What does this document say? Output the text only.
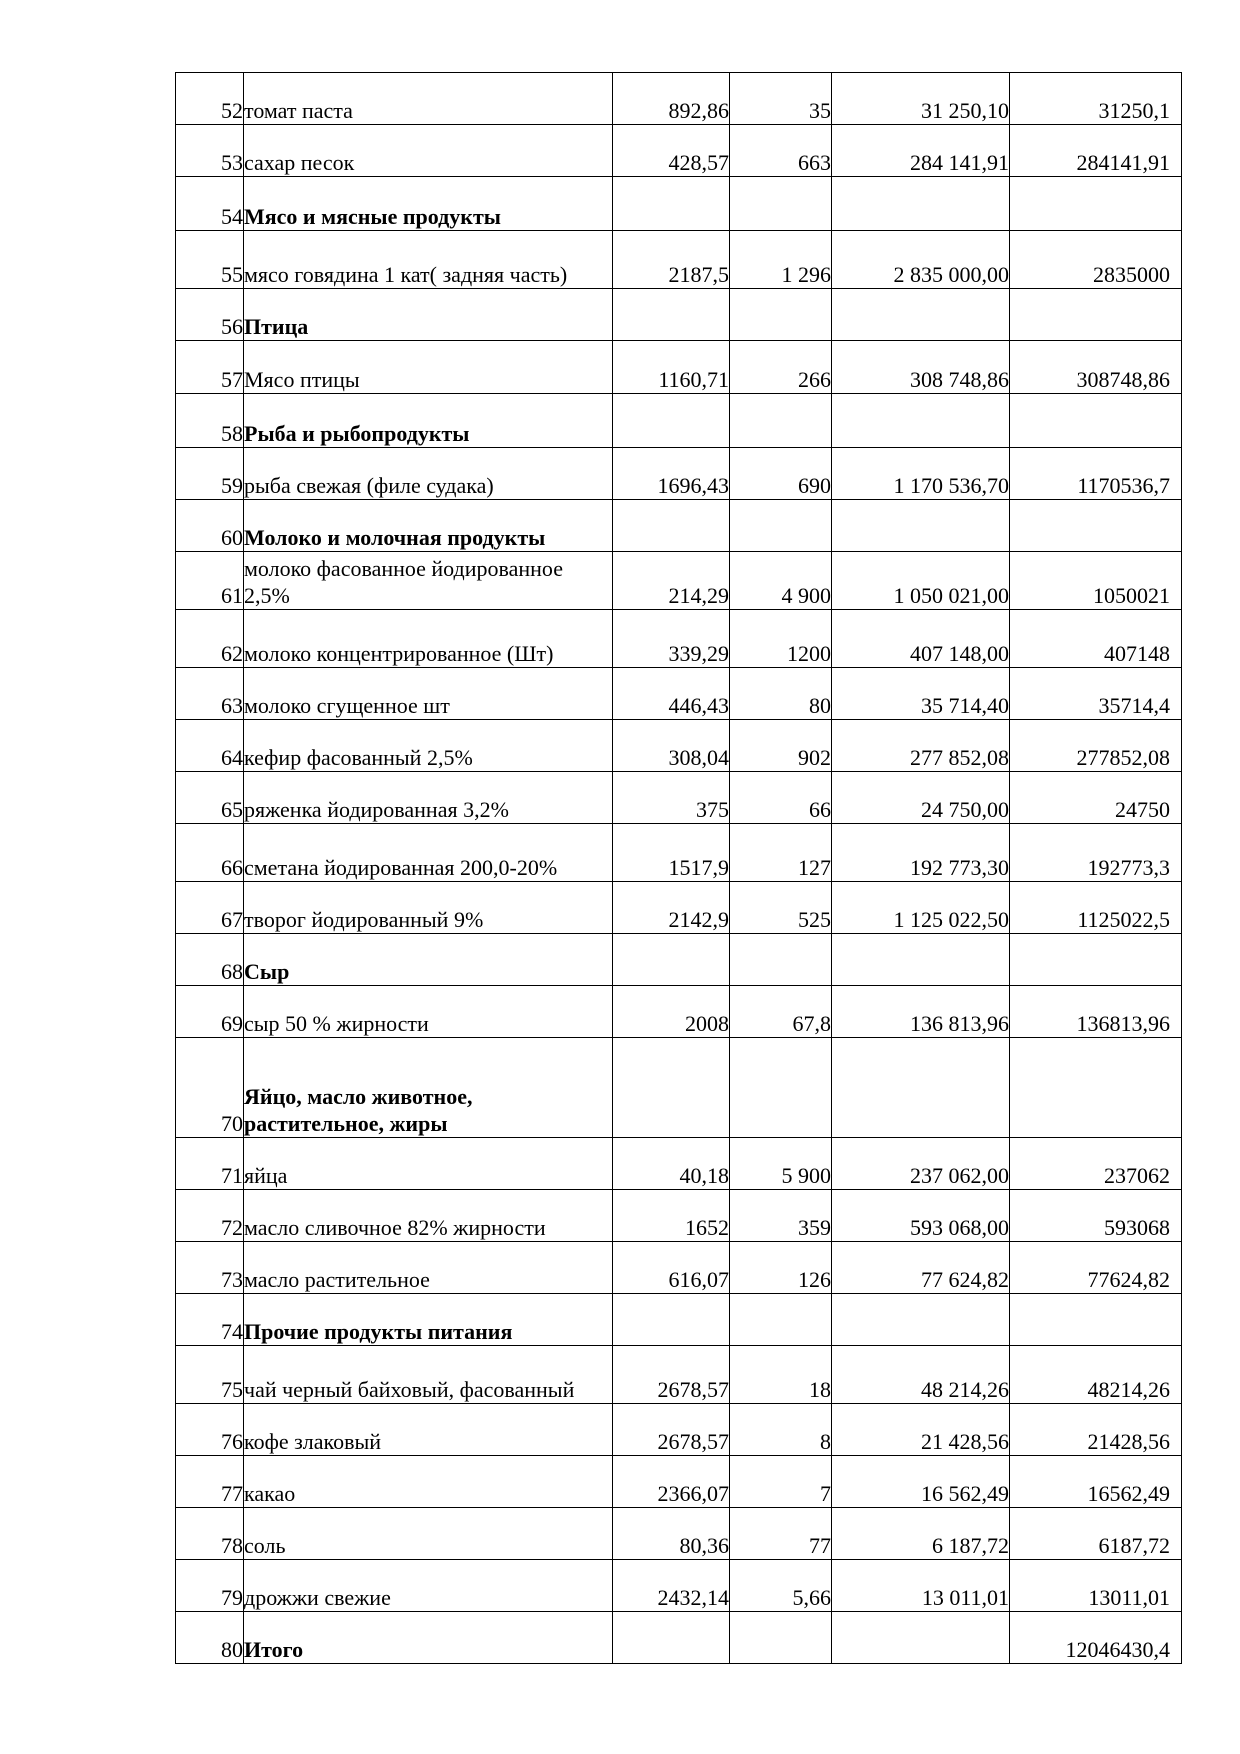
52	томат паста	892,86	35	31 250,10	31250,1
53	сахар песок	428,57	663	284 141,91	284141,91
54	Мясо и мясные продукты				
55	мясо говядина 1 кат( задняя часть)	2187,5	1 296	2 835 000,00	2835000
56	Птица				
57	Мясо птицы	1160,71	266	308 748,86	308748,86
58	Рыба и рыбопродукты				
59	рыба свежая (филе судака)	1696,43	690	1 170 536,70	1170536,7
60	Молоко и молочная продукты				
61	молоко фасованное йодированное 2,5%	214,29	4 900	1 050 021,00	1050021
62	молоко концентрированное (Шт)	339,29	1200	407 148,00	407148
63	молоко сгущенное шт	446,43	80	35 714,40	35714,4
64	кефир фасованный 2,5%	308,04	902	277 852,08	277852,08
65	ряженка йодированная 3,2%	375	66	24 750,00	24750
66	сметана йодированная 200,0-20%	1517,9	127	192 773,30	192773,3
67	творог йодированный 9%	2142,9	525	1 125 022,50	1125022,5
68	Сыр				
69	сыр 50 % жирности	2008	67,8	136 813,96	136813,96
70	Яйцо, масло животное, растительное, жиры				
71	яйца	40,18	5 900	237 062,00	237062
72	масло сливочное 82% жирности	1652	359	593 068,00	593068
73	масло растительное	616,07	126	77 624,82	77624,82
74	Прочие продукты питания				
75	чай черный байховый, фасованный	2678,57	18	48 214,26	48214,26
76	кофе злаковый	2678,57	8	21 428,56	21428,56
77	какао	2366,07	7	16 562,49	16562,49
78	соль	80,36	77	6 187,72	6187,72
79	дрожжи свежие	2432,14	5,66	13 011,01	13011,01
80	Итого				12046430,4
